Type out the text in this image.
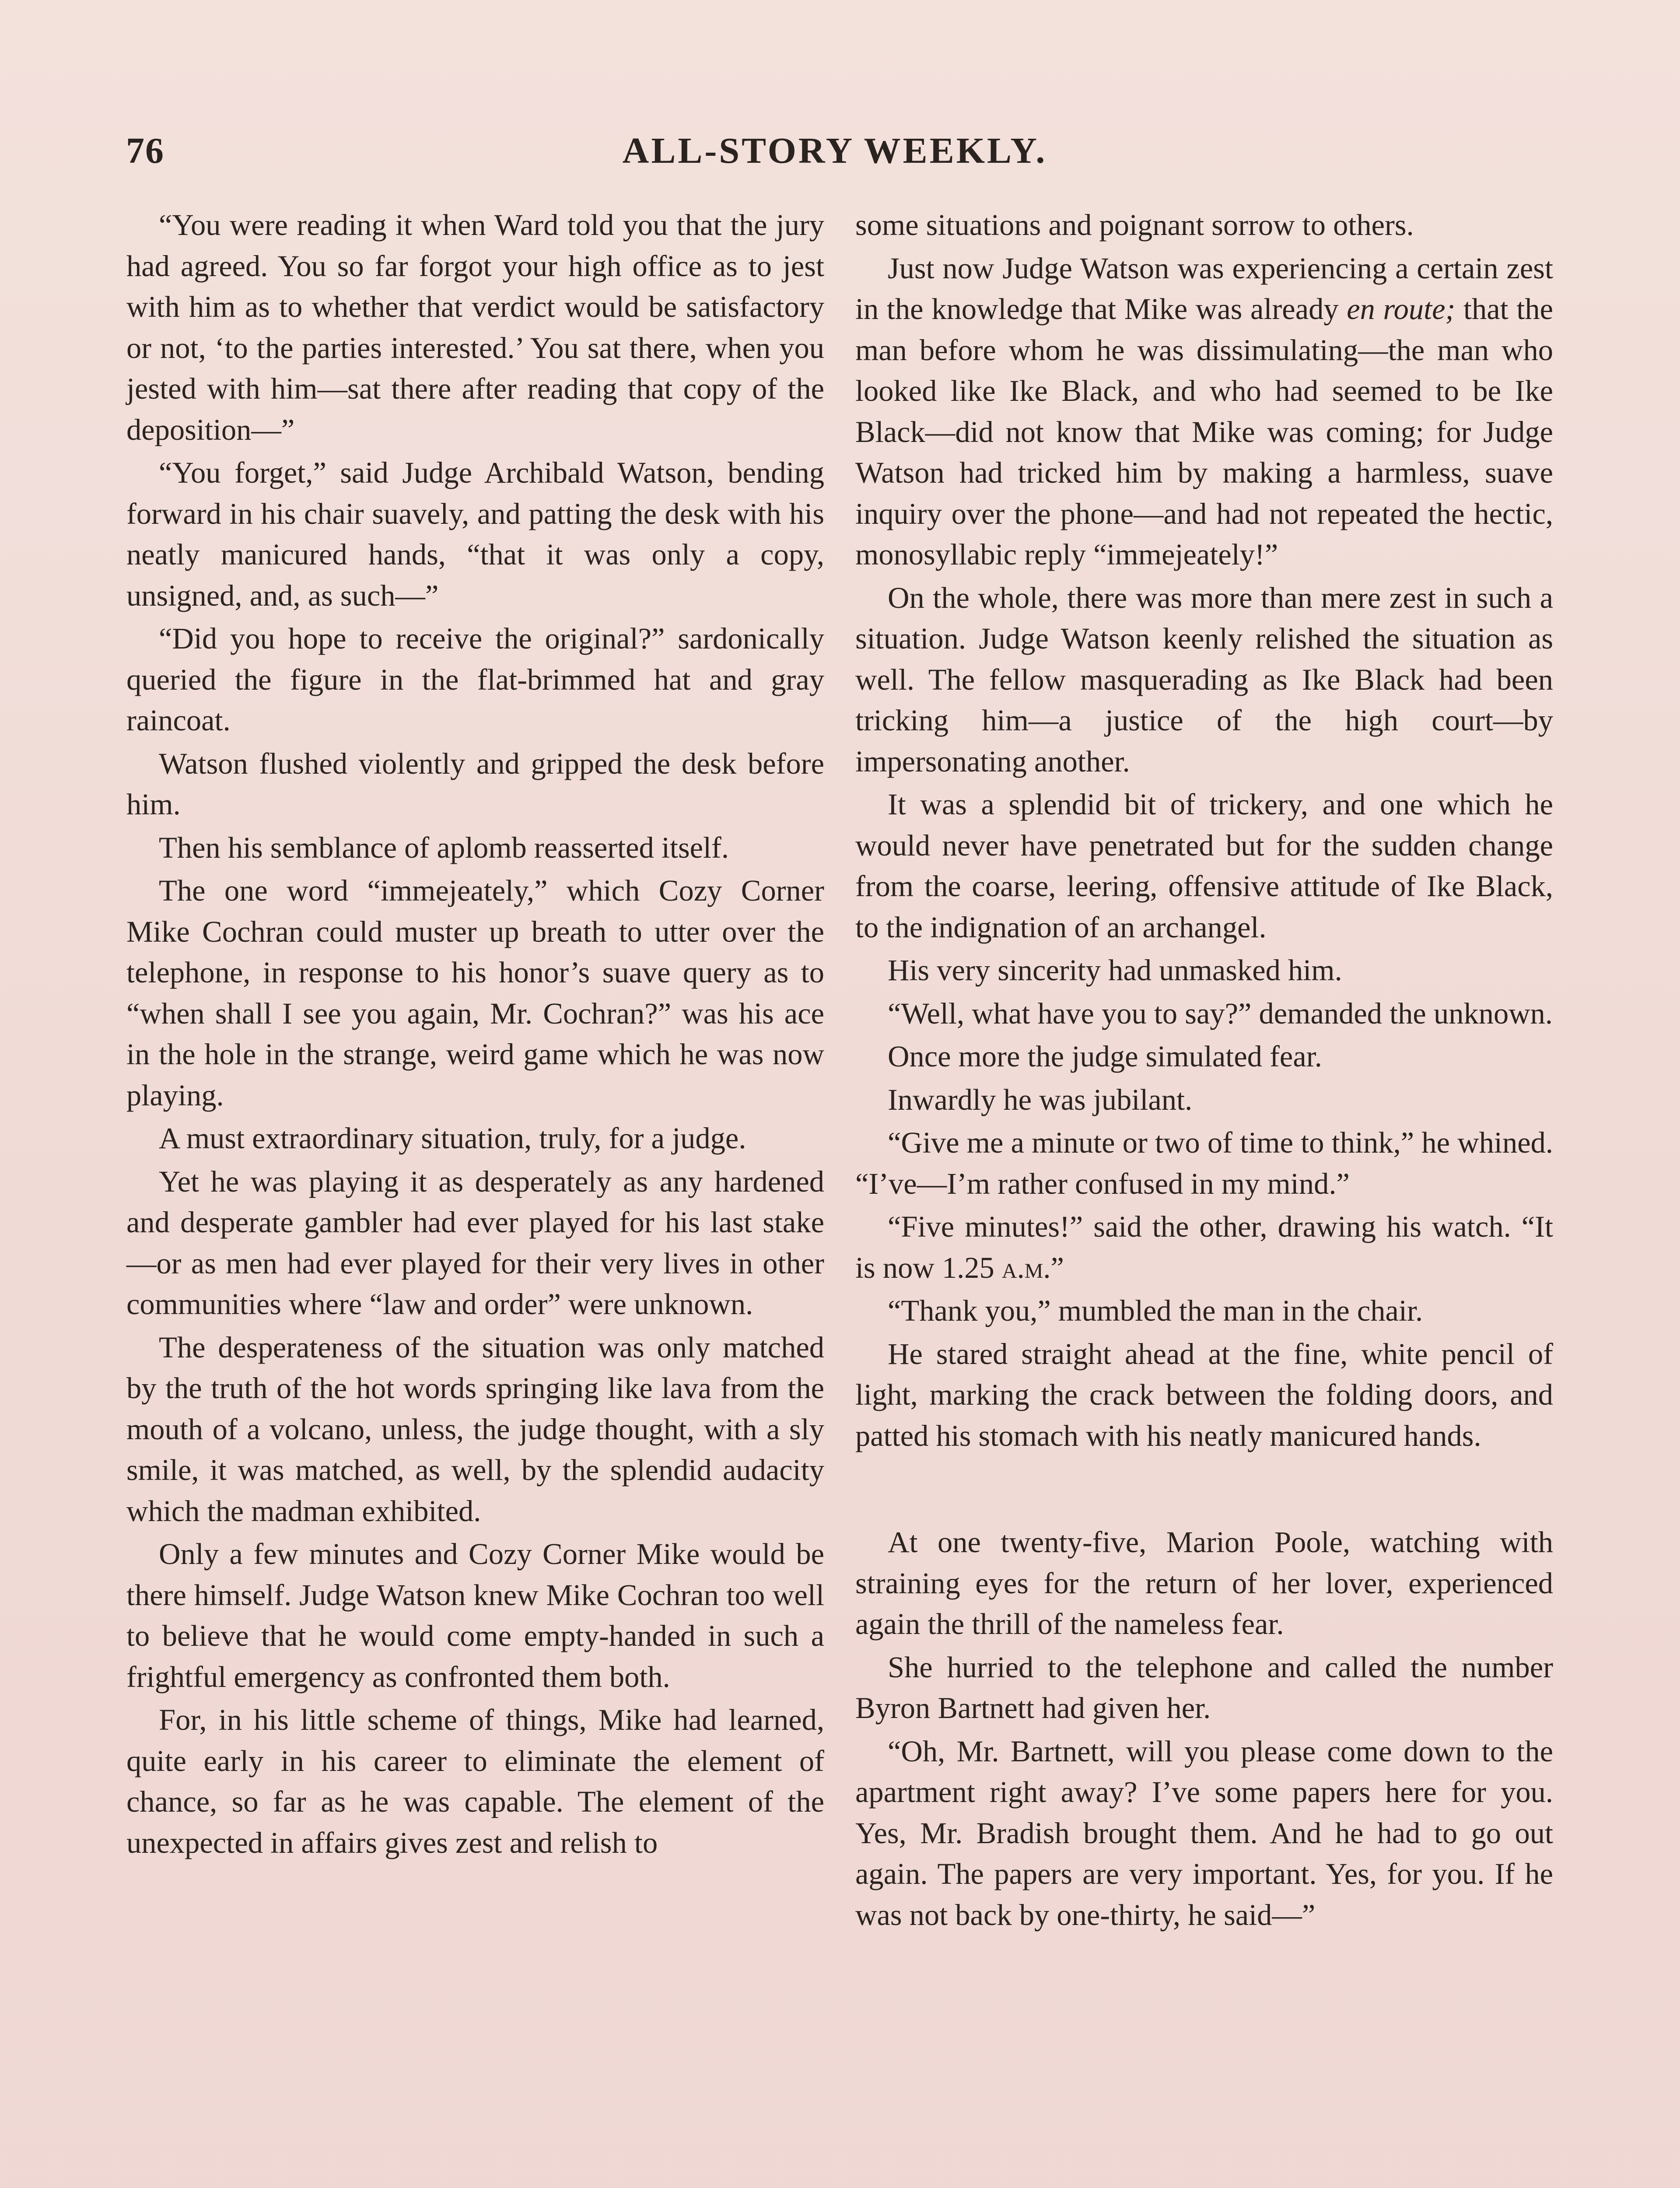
76	ALL-STORY WEEKLY.

“You were reading it when Ward told you that the jury had agreed. You so far forgot your high office as to jest with him as to whether that verdict would be satisfactory or not, ‘to the parties interested.’ You sat there, when you jested with him—sat there after reading that copy of the deposition—”

“You forget,” said Judge Archibald Watson, bending forward in his chair suavely, and patting the desk with his neatly manicured hands, “that it was only a copy, unsigned, and, as such—”

“Did you hope to receive the original?” sardonically queried the figure in the flat-brimmed hat and gray raincoat.

Watson flushed violently and gripped the desk before him.

Then his semblance of aplomb reasserted itself.

The one word “immejeately,” which Cozy Corner Mike Cochran could muster up breath to utter over the telephone, in response to his honor’s suave query as to “when shall I see you again, Mr. Cochran?” was his ace in the hole in the strange, weird game which he was now playing.

A must extraordinary situation, truly, for a judge.

Yet he was playing it as desperately as any hardened and desperate gambler had ever played for his last stake—or as men had ever played for their very lives in other communities where “law and order” were unknown.

The desperateness of the situation was only matched by the truth of the hot words springing like lava from the mouth of a volcano, unless, the judge thought, with a sly smile, it was matched, as well, by the splendid audacity which the madman exhibited.

Only a few minutes and Cozy Corner Mike would be there himself. Judge Watson knew Mike Cochran too well to believe that he would come empty-handed in such a frightful emergency as confronted them both.

For, in his little scheme of things, Mike had learned, quite early in his career to eliminate the element of chance, so far as he was capable. The element of the unexpected in affairs gives zest and relish to

some situations and poignant sorrow to others.

Just now Judge Watson was experiencing a certain zest in the knowledge that Mike was already en route; that the man before whom he was dissimulating—the man who looked like Ike Black, and who had seemed to be Ike Black—did not know that Mike was coming; for Judge Watson had tricked him by making a harmless, suave inquiry over the phone—and had not repeated the hectic, monosyllabic reply “immejeately!”

On the whole, there was more than mere zest in such a situation. Judge Watson keenly relished the situation as well. The fellow masquerading as Ike Black had been tricking him—a justice of the high court—by impersonating another.

It was a splendid bit of trickery, and one which he would never have penetrated but for the sudden change from the coarse, leering, offensive attitude of Ike Black, to the indignation of an archangel.

His very sincerity had unmasked him.

“Well, what have you to say?” demanded the unknown.

Once more the judge simulated fear.

Inwardly he was jubilant.

“Give me a minute or two of time to think,” he whined. “I’ve—I’m rather confused in my mind.”

“Five minutes!” said the other, drawing his watch. “It is now 1.25 a.m.”

“Thank you,” mumbled the man in the chair.

He stared straight ahead at the fine, white pencil of light, marking the crack between the folding doors, and patted his stomach with his neatly manicured hands.

At one twenty-five, Marion Poole, watching with straining eyes for the return of her lover, experienced again the thrill of the nameless fear.

She hurried to the telephone and called the number Byron Bartnett had given her.

“Oh, Mr. Bartnett, will you please come down to the apartment right away? I’ve some papers here for you. Yes, Mr. Bradish brought them. And he had to go out again. The papers are very important. Yes, for you. If he was not back by one-thirty, he said—”
